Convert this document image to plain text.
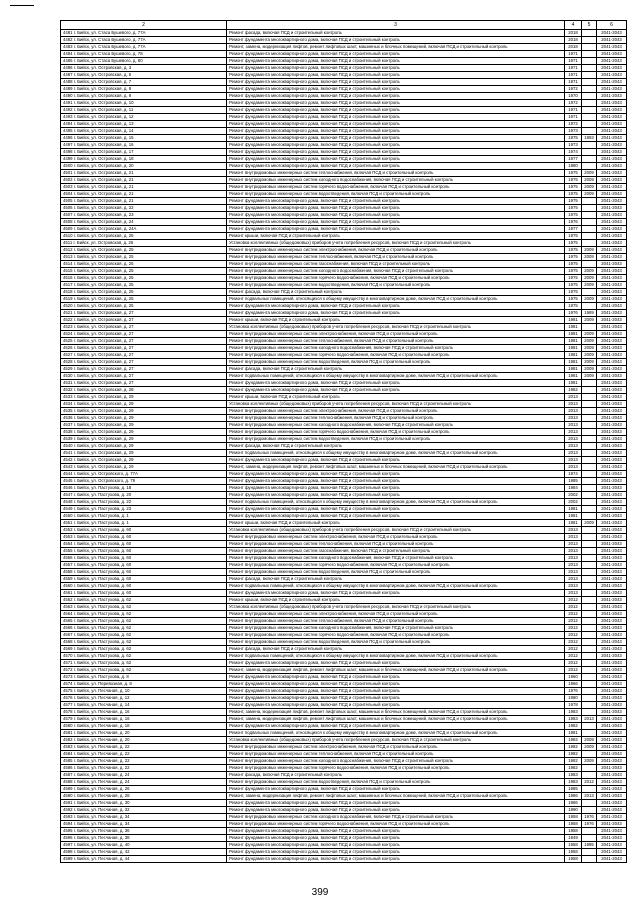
2	3	4	5	6
4481 г. Бийск, ул. Стаса Бушевого, д. 77А	Ремонт фасада, включая ПСД и строительный контроль	2018		2041-2043
4482 г. Бийск, ул. Стаса Бушевого, д. 77А	Ремонт фундамента многоквартирного дома, включая ПСД и строительный контроль	2018		2041-2043
4483 г. Бийск, ул. Стаса Бушевого, д. 77А	Ремонт, замена, модернизация лифтов, ремонт лифтовых шахт, машинных и блочных помещений, включая ПСД и строительный контроль	2018		2041-2043
4484 г. Бийск, ул. Стаса Бушевого, д. 78	Ремонт фундамента многоквартирного дома, включая ПСД и строительный контроль	1971		2041-2043
4485 г. Бийск, ул. Стаса Бушевого, д. 80	Ремонт фундамента многоквартирного дома, включая ПСД и строительный контроль	1971		2041-2043
4486 г. Бийск, ул. Островская, д. 3	Ремонт фундамента многоквартирного дома, включая ПСД и строительный контроль	1971		2041-2043
4487 г. Бийск, ул. Островская, д. 5	Ремонт фундамента многоквартирного дома, включая ПСД и строительный контроль	1971		2041-2043
4488 г. Бийск, ул. Островская, д. 7	Ремонт фундамента многоквартирного дома, включая ПСД и строительный контроль	1971		2041-2043
4489 г. Бийск, ул. Островская, д. 8	Ремонт фундамента многоквартирного дома, включая ПСД и строительный контроль	1972		2041-2043
4490 г. Бийск, ул. Островская, д. 9	Ремонт фундамента многоквартирного дома, включая ПСД и строительный контроль	1970		2041-2043
4491 г. Бийск, ул. Островская, д. 10	Ремонт фундамента многоквартирного дома, включая ПСД и строительный контроль	1972		2041-2043
4492 г. Бийск, ул. Островская, д. 11	Ремонт фундамента многоквартирного дома, включая ПСД и строительный контроль	1971		2041-2043
4493 г. Бийск, ул. Островская, д. 12	Ремонт фундамента многоквартирного дома, включая ПСД и строительный контроль	1971		2041-2043
4494 г. Бийск, ул. Островская, д. 13	Ремонт фундамента многоквартирного дома, включая ПСД и строительный контроль	1972		2041-2043
4495 г. Бийск, ул. Островская, д. 14	Ремонт фундамента многоквартирного дома, включая ПСД и строительный контроль	1973		2041-2043
4496 г. Бийск, ул. Островская, д. 15	Ремонт фундамента многоквартирного дома, включая ПСД и строительный контроль	1975	1993	2041-2043
4497 г. Бийск, ул. Островская, д. 16	Ремонт фундамента многоквартирного дома, включая ПСД и строительный контроль	1973		2041-2043
4498 г. Бийск, ул. Островская, д. 17	Ремонт фундамента многоквартирного дома, включая ПСД и строительный контроль	1974		2041-2043
4499 г. Бийск, ул. Островская, д. 18	Ремонт фундамента многоквартирного дома, включая ПСД и строительный контроль	1977		2041-2043
4500 г. Бийск, ул. Островская, д. 20	Ремонт фундамента многоквартирного дома, включая ПСД и строительный контроль	1980		2041-2043
4501 г. Бийск, ул. Островская, д. 21	Ремонт внутридомовых инженерных систем теплоснабжения, включая ПСД и строительный контроль	1975	2009	2041-2043
4502 г. Бийск, ул. Островская, д. 21	Ремонт внутридомовых инженерных систем холодного водоснабжения, включая ПСД и строительный контроль	1975	2009	2041-2043
4503 г. Бийск, ул. Островская, д. 21	Ремонт внутридомовых инженерных систем горячего водоснабжения, включая ПСД и строительный контроль	1975	2009	2041-2043
4504 г. Бийск, ул. Островская, д. 21	Ремонт внутридомовых инженерных систем водоотведения, включая ПСД и строительный контроль	1975	2009	2041-2043
4505 г. Бийск, ул. Островская, д. 21	Ремонт фундамента многоквартирного дома, включая ПСД и строительный контроль	1975		2041-2043
4506 г. Бийск, ул. Островская, д. 22	Ремонт фундамента многоквартирного дома, включая ПСД и строительный контроль	1975		2041-2043
4507 г. Бийск, ул. Островская, д. 23	Ремонт фундамента многоквартирного дома, включая ПСД и строительный контроль	1975		2041-2043
4508 г. Бийск, ул. Островская, д. 24	Ремонт фундамента многоквартирного дома, включая ПСД и строительный контроль	1976		2041-2043
4509 г. Бийск, ул. Островская, д. 24А	Ремонт фундамента многоквартирного дома, включая ПСД и строительный контроль	1977		2041-2043
4510 г. Бийск, ул. Островская, д. 25	Ремонт крыши, включая ПСД и строительный контроль	1975		2041-2043
4511 г. Бийск, ул. Островская, д. 25	Установка коллективных (общедомовых) приборов учета потребления ресурсов, включая ПСД и строительный контроль	1975		2041-2043
4512 г. Бийск, ул. Островская, д. 25	Ремонт внутридомовых инженерных систем электроснабжения, включая ПСД и строительный контроль	1975	2009	2041-2043
4513 г. Бийск, ул. Островская, д. 25	Ремонт внутридомовых инженерных систем теплоснабжения, включая ПСД и строительный контроль	1975	2009	2041-2043
4514 г. Бийск, ул. Островская, д. 25	Ремонт внутридомовых инженерных систем газоснабжения, включая ПСД и строительный контроль	1975		2041-2043
4515 г. Бийск, ул. Островская, д. 25	Ремонт внутридомовых инженерных систем холодного водоснабжения, включая ПСД и строительный контроль	1975	2009	2041-2043
4516 г. Бийск, ул. Островская, д. 25	Ремонт внутридомовых инженерных систем горячего водоснабжения, включая ПСД и строительный контроль	1975	2009	2041-2043
4517 г. Бийск, ул. Островская, д. 25	Ремонт внутридомовых инженерных систем водоотведения, включая ПСД и строительный контроль	1975	2009	2041-2043
4518 г. Бийск, ул. Островская, д. 25	Ремонт фасада, включая ПСД и строительный контроль	1975		2041-2043
4519 г. Бийск, ул. Островская, д. 25	Ремонт подвальных помещений, относящихся к общему имуществу в многоквартирном доме, включая ПСД и строительный контроль	1975	2009	2041-2043
4520 г. Бийск, ул. Островская, д. 25	Ремонт фундамента многоквартирного дома, включая ПСД и строительный контроль	1975		2041-2043
4521 г. Бийск, ул. Островская, д. 27	Ремонт фундамента многоквартирного дома, включая ПСД и строительный контроль	1976	1989	2041-2043
4522 г. Бийск, ул. Островская, д. 27	Ремонт крыши, включая ПСД и строительный контроль	1981	2009	2041-2043
4523 г. Бийск, ул. Островская, д. 27	Установка коллективных (общедомовых) приборов учета потребления ресурсов, включая ПСД и строительный контроль	1981		2041-2043
4524 г. Бийск, ул. Островская, д. 27	Ремонт внутридомовых инженерных систем электроснабжения, включая ПСД и строительный контроль	1981	2009	2041-2043
4525 г. Бийск, ул. Островская, д. 27	Ремонт внутридомовых инженерных систем теплоснабжения, включая ПСД и строительный контроль	1981	2009	2041-2043
4526 г. Бийск, ул. Островская, д. 27	Ремонт внутридомовых инженерных систем холодного водоснабжения, включая ПСД и строительный контроль	1981	2009	2041-2043
4527 г. Бийск, ул. Островская, д. 27	Ремонт внутридомовых инженерных систем горячего водоснабжения, включая ПСД и строительный контроль	1981	2009	2041-2043
4528 г. Бийск, ул. Островская, д. 27	Ремонт внутридомовых инженерных систем водоотведения, включая ПСД и строительный контроль	1981	2009	2041-2043
4529 г. Бийск, ул. Островская, д. 27	Ремонт фасада, включая ПСД и строительный контроль	1981	2009	2041-2043
4530 г. Бийск, ул. Островская, д. 27	Ремонт подвальных помещений, относящихся к общему имуществу в многоквартирном доме, включая ПСД и строительный контроль	1981	2009	2041-2043
4531 г. Бийск, ул. Островская, д. 27	Ремонт фундамента многоквартирного дома, включая ПСД и строительный контроль	1981		2041-2043
4532 г. Бийск, ул. Островская, д. 28	Ремонт фундамента многоквартирного дома, включая ПСД и строительный контроль	1982		2041-2043
4533 г. Бийск, ул. Островская, д. 29	Ремонт крыши, включая ПСД и строительный контроль	2013		2041-2043
4534 г. Бийск, ул. Островская, д. 29	Установка коллективных (общедомовых) приборов учета потребления ресурсов, включая ПСД и строительный контроль	2013		2041-2043
4535 г. Бийск, ул. Островская, д. 29	Ремонт внутридомовых инженерных систем электроснабжения, включая ПСД и строительный контроль	2013		2041-2043
4536 г. Бийск, ул. Островская, д. 29	Ремонт внутридомовых инженерных систем теплоснабжения, включая ПСД и строительный контроль	2013		2041-2043
4537 г. Бийск, ул. Островская, д. 29	Ремонт внутридомовых инженерных систем холодного водоснабжения, включая ПСД и строительный контроль	2013		2041-2043
4538 г. Бийск, ул. Островская, д. 29	Ремонт внутридомовых инженерных систем горячего водоснабжения, включая ПСД и строительный контроль	2013		2041-2043
4539 г. Бийск, ул. Островская, д. 29	Ремонт внутридомовых инженерных систем водоотведения, включая ПСД и строительный контроль	2013		2041-2043
4540 г. Бийск, ул. Островская, д. 29	Ремонт фасада, включая ПСД и строительный контроль	2013		2041-2043
4541 г. Бийск, ул. Островская, д. 29	Ремонт подвальных помещений, относящихся к общему имуществу в многоквартирном доме, включая ПСД и строительный контроль	2013		2041-2043
4542 г. Бийск, ул. Островская, д. 29	Ремонт фундамента многоквартирного дома, включая ПСД и строительный контроль	2013		2041-2043
4543 г. Бийск, ул. Островская, д. 29	Ремонт, замена, модернизация лифтов, ремонт лифтовых шахт, машинных и блочных помещений, включая ПСД и строительный контроль	2013		2041-2043
4544 г. Бийск, ул. Островского, д. 77А	Ремонт фундамента многоквартирного дома, включая ПСД и строительный контроль	1974		2041-2043
4545 г. Бийск, ул. Островского, д. 79	Ремонт фундамента многоквартирного дома, включая ПСД и строительный контроль	1985		2041-2043
4546 г. Бийск, ул. Пастухова, д. 18	Ремонт фундамента многоквартирного дома, включая ПСД и строительный контроль	1984		2041-2043
4547 г. Бийск, ул. Пастухова, д. 20	Ремонт фундамента многоквартирного дома, включая ПСД и строительный контроль	2002		2041-2043
4548 г. Бийск, ул. Пастухова, д. 22	Ремонт подвальных помещений, относящихся к общему имуществу в многоквартирном доме, включая ПСД и строительный контроль	2002		2041-2043
4549 г. Бийск, ул. Пастухова, д. 23	Ремонт фундамента многоквартирного дома, включая ПСД и строительный контроль	1981		2041-2043
4550 г. Бийск, ул. Пастухова, д. 1	Ремонт фундамента многоквартирного дома, включая ПСД и строительный контроль	1981		2041-2043
4551 г. Бийск, ул. Пастухова, д. 1	Ремонт крыши, включая ПСД и строительный контроль	1981	2009	2041-2043
4552 г. Бийск, ул. Пастухова, д. 60	Установка коллективных (общедомовых) приборов учета потребления ресурсов, включая ПСД и строительный контроль	2013		2041-2043
4553 г. Бийск, ул. Пастухова, д. 60	Ремонт внутридомовых инженерных систем электроснабжения, включая ПСД и строительный контроль	2013		2041-2043
4554 г. Бийск, ул. Пастухова, д. 60	Ремонт внутридомовых инженерных систем теплоснабжения, включая ПСД и строительный контроль	2013		2041-2043
4555 г. Бийск, ул. Пастухова, д. 60	Ремонт внутридомовых инженерных систем газоснабжения, включая ПСД и строительный контроль	2013		2041-2043
4556 г. Бийск, ул. Пастухова, д. 60	Ремонт внутридомовых инженерных систем холодного водоснабжения, включая ПСД и строительный контроль	2013		2041-2043
4557 г. Бийск, ул. Пастухова, д. 60	Ремонт внутридомовых инженерных систем горячего водоснабжения, включая ПСД и строительный контроль	2013		2041-2043
4558 г. Бийск, ул. Пастухова, д. 60	Ремонт внутридомовых инженерных систем водоотведения, включая ПСД и строительный контроль	2013		2041-2043
4559 г. Бийск, ул. Пастухова, д. 60	Ремонт фасада, включая ПСД и строительный контроль	2013		2041-2043
4560 г. Бийск, ул. Пастухова, д. 60	Ремонт подвальных помещений, относящихся к общему имуществу в многоквартирном доме, включая ПСД и строительный контроль	2013		2041-2043
4561 г. Бийск, ул. Пастухова, д. 60	Ремонт фундамента многоквартирного дома, включая ПСД и строительный контроль	2013		2041-2043
4562 г. Бийск, ул. Пастухова, д. 62	Ремонт крыши, включая ПСД и строительный контроль	2012		2041-2043
4563 г. Бийск, ул. Пастухова, д. 62	Установка коллективных (общедомовых) приборов учета потребления ресурсов, включая ПСД и строительный контроль	2012		2041-2043
4564 г. Бийск, ул. Пастухова, д. 62	Ремонт внутридомовых инженерных систем электроснабжения, включая ПСД и строительный контроль	2012		2041-2043
4565 г. Бийск, ул. Пастухова, д. 62	Ремонт внутридомовых инженерных систем теплоснабжения, включая ПСД и строительный контроль	2012		2041-2043
4566 г. Бийск, ул. Пастухова, д. 62	Ремонт внутридомовых инженерных систем холодного водоснабжения, включая ПСД и строительный контроль	2012		2041-2043
4567 г. Бийск, ул. Пастухова, д. 62	Ремонт внутридомовых инженерных систем горячего водоснабжения, включая ПСД и строительный контроль	2012		2041-2043
4568 г. Бийск, ул. Пастухова, д. 62	Ремонт внутридомовых инженерных систем водоотведения, включая ПСД и строительный контроль	2012		2041-2043
4569 г. Бийск, ул. Пастухова, д. 62	Ремонт фасада, включая ПСД и строительный контроль	2012		2041-2043
4570 г. Бийск, ул. Пастухова, д. 62	Ремонт подвальных помещений, относящихся к общему имуществу в многоквартирном доме, включая ПСД и строительный контроль	2012		2041-2043
4571 г. Бийск, ул. Пастухова, д. 62	Ремонт фундамента многоквартирного дома, включая ПСД и строительный контроль	2012		2041-2043
4572 г. Бийск, ул. Пастухова, д. 62	Ремонт, замена, модернизация лифтов, ремонт лифтовых шахт, машинных и блочных помещений, включая ПСД и строительный контроль	2012		2041-2043
4573 г. Бийск, ул. Пастухова, д. 8	Ремонт фундамента многоквартирного дома, включая ПСД и строительный контроль	1960		2041-2043
4574 г. Бийск, ул. Перевозная, д. 8	Ремонт фундамента многоквартирного дома, включая ПСД и строительный контроль	1966		2041-2043
4575 г. Бийск, ул. Песчаная, д. 10	Ремонт фундамента многоквартирного дома, включая ПСД и строительный контроль	1976		2041-2043
4576 г. Бийск, ул. Песчаная, д. 12	Ремонт фундамента многоквартирного дома, включая ПСД и строительный контроль	1980		2041-2043
4577 г. Бийск, ул. Песчаная, д. 14	Ремонт фундамента многоквартирного дома, включая ПСД и строительный контроль	1978		2041-2043
4578 г. Бийск, ул. Песчаная, д. 16	Ремонт, замена, модернизация лифтов, ремонт лифтовых шахт, машинных и блочных помещений, включая ПСД и строительный контроль	1983		2041-2043
4579 г. Бийск, ул. Песчаная, д. 16	Ремонт, замена, модернизация лифтов, ремонт лифтовых шахт, машинных и блочных помещений, включая ПСД и строительный контроль	1983	2013	2041-2043
4580 г. Бийск, ул. Песчаная, д. 18	Ремонт фундамента многоквартирного дома, включая ПСД и строительный контроль	1982		2041-2043
4581 г. Бийск, ул. Песчаная, д. 20	Ремонт подвальных помещений, относящихся к общему имуществу в многоквартирном доме, включая ПСД и строительный контроль	1981		2041-2043
4582 г. Бийск, ул. Песчаная, д. 20	Установка коллективных (общедомовых) приборов учета потребления ресурсов, включая ПСД и строительный контроль	1982	2009	2041-2043
4583 г. Бийск, ул. Песчаная, д. 22	Ремонт внутридомовых инженерных систем электроснабжения, включая ПСД и строительный контроль	1982	2009	2041-2043
4584 г. Бийск, ул. Песчаная, д. 22	Ремонт внутридомовых инженерных систем теплоснабжения, включая ПСД и строительный контроль	1982		2041-2043
4585 г. Бийск, ул. Песчаная, д. 22	Ремонт внутридомовых инженерных систем холодного водоснабжения, включая ПСД и строительный контроль	1982	2009	2041-2043
4586 г. Бийск, ул. Песчаная, д. 22	Ремонт внутридомовых инженерных систем горячего водоснабжения, включая ПСД и строительный контроль	1982		2041-2043
4587 г. Бийск, ул. Песчаная, д. 24	Ремонт фасада, включая ПСД и строительный контроль	1983		2041-2043
4588 г. Бийск, ул. Песчаная, д. 24	Ремонт внутридомовых инженерных систем водоотведения, включая ПСД и строительный контроль	1983	2012	2041-2043
4589 г. Бийск, ул. Песчаная, д. 26	Ремонт фундамента многоквартирного дома, включая ПСД и строительный контроль	1985		2041-2043
4590 г. Бийск, ул. Песчаная, д. 28	Ремонт, замена, модернизация лифтов, ремонт лифтовых шахт, машинных и блочных помещений, включая ПСД и строительный контроль	1986	2013	2041-2043
4591 г. Бийск, ул. Песчаная, д. 30	Ремонт фундамента многоквартирного дома, включая ПСД и строительный контроль	1986		2041-2043
4592 г. Бийск, ул. Песчаная, д. 32	Ремонт фундамента многоквартирного дома, включая ПСД и строительный контроль	1990		2041-2043
4593 г. Бийск, ул. Песчаная, д. 34	Ремонт внутридомовых инженерных систем холодного водоснабжения, включая ПСД и строительный контроль	1958	1976	2041-2043
4594 г. Бийск, ул. Песчаная, д. 34	Ремонт внутридомовых инженерных систем горячего водоснабжения, включая ПСД и строительный контроль	1958	1976	2041-2043
4595 г. Бийск, ул. Песчаная, д. 36	Ремонт фундамента многоквартирного дома, включая ПСД и строительный контроль	1958		2041-2043
4596 г. Бийск, ул. Песчаная, д. 38	Ремонт фундамента многоквартирного дома, включая ПСД и строительный контроль	1949		2041-2043
4597 г. Бийск, ул. Песчаная, д. 40	Ремонт фундамента многоквартирного дома, включая ПСД и строительный контроль	1958	1995	2041-2043
4598 г. Бийск, ул. Песчаная, д. 42	Ремонт фундамента многоквартирного дома, включая ПСД и строительный контроль	1958		2041-2043
4599 г. Бийск, ул. Песчаная, д. 44	Ремонт фундамента многоквартирного дома, включая ПСД и строительный контроль	1958		2041-2043
399
